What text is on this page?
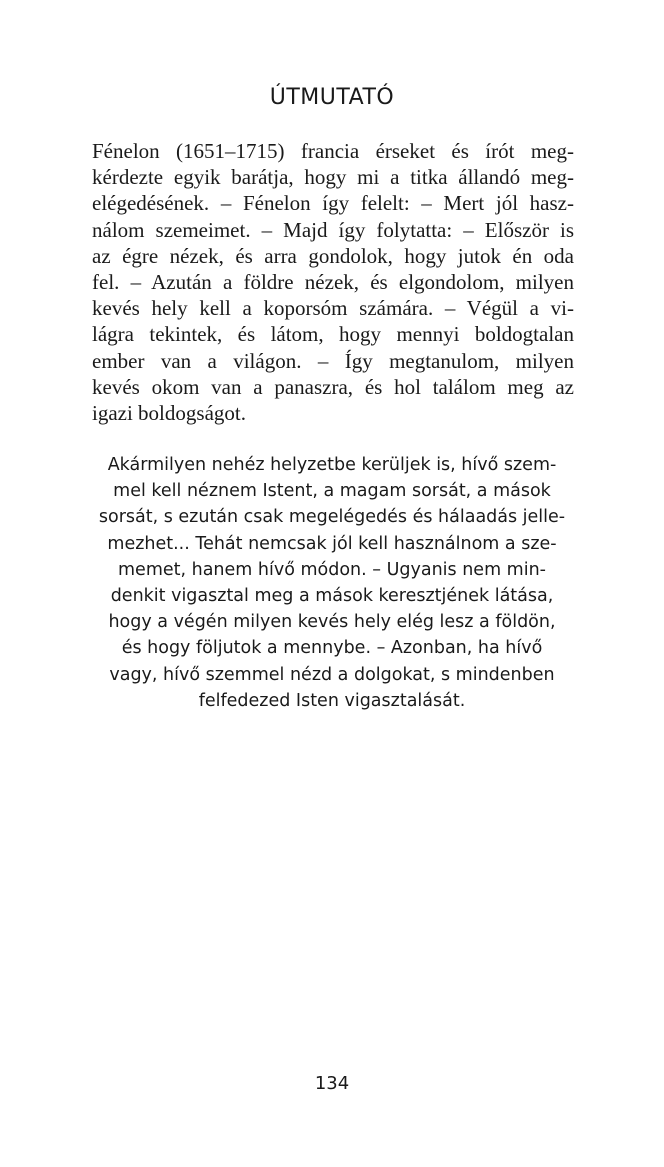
ÚTMUTATÓ
Fénelon (1651–1715) francia érseket és írót meg-
kérdezte egyik barátja, hogy mi a titka állandó meg-
elégedésének. – Fénelon így felelt: – Mert jól hasz-
nálom szemeimet. – Majd így folytatta: – Először is
az égre nézek, és arra gondolok, hogy jutok én oda
fel. – Azután a földre nézek, és elgondolom, milyen
kevés hely kell a koporsóm számára. – Végül a vi-
lágra tekintek, és látom, hogy mennyi boldogtalan
ember van a világon. – Így megtanulom, milyen
kevés okom van a panaszra, és hol találom meg az
igazi boldogságot.
Akármilyen nehéz helyzetbe kerüljek is, hívő szem-
mel kell néznem Istent, a magam sorsát, a mások
sorsát, s ezután csak megelégedés és hálaadás jelle-
mezhet... Tehát nemcsak jól kell használnom a sze-
memet, hanem hívő módon. – Ugyanis nem min-
denkit vigasztal meg a mások keresztjének látása,
hogy a végén milyen kevés hely elég lesz a földön,
és hogy följutok a mennybe. – Azonban, ha hívő
vagy, hívő szemmel nézd a dolgokat, s mindenben
felfedezed Isten vigasztalását.
134
